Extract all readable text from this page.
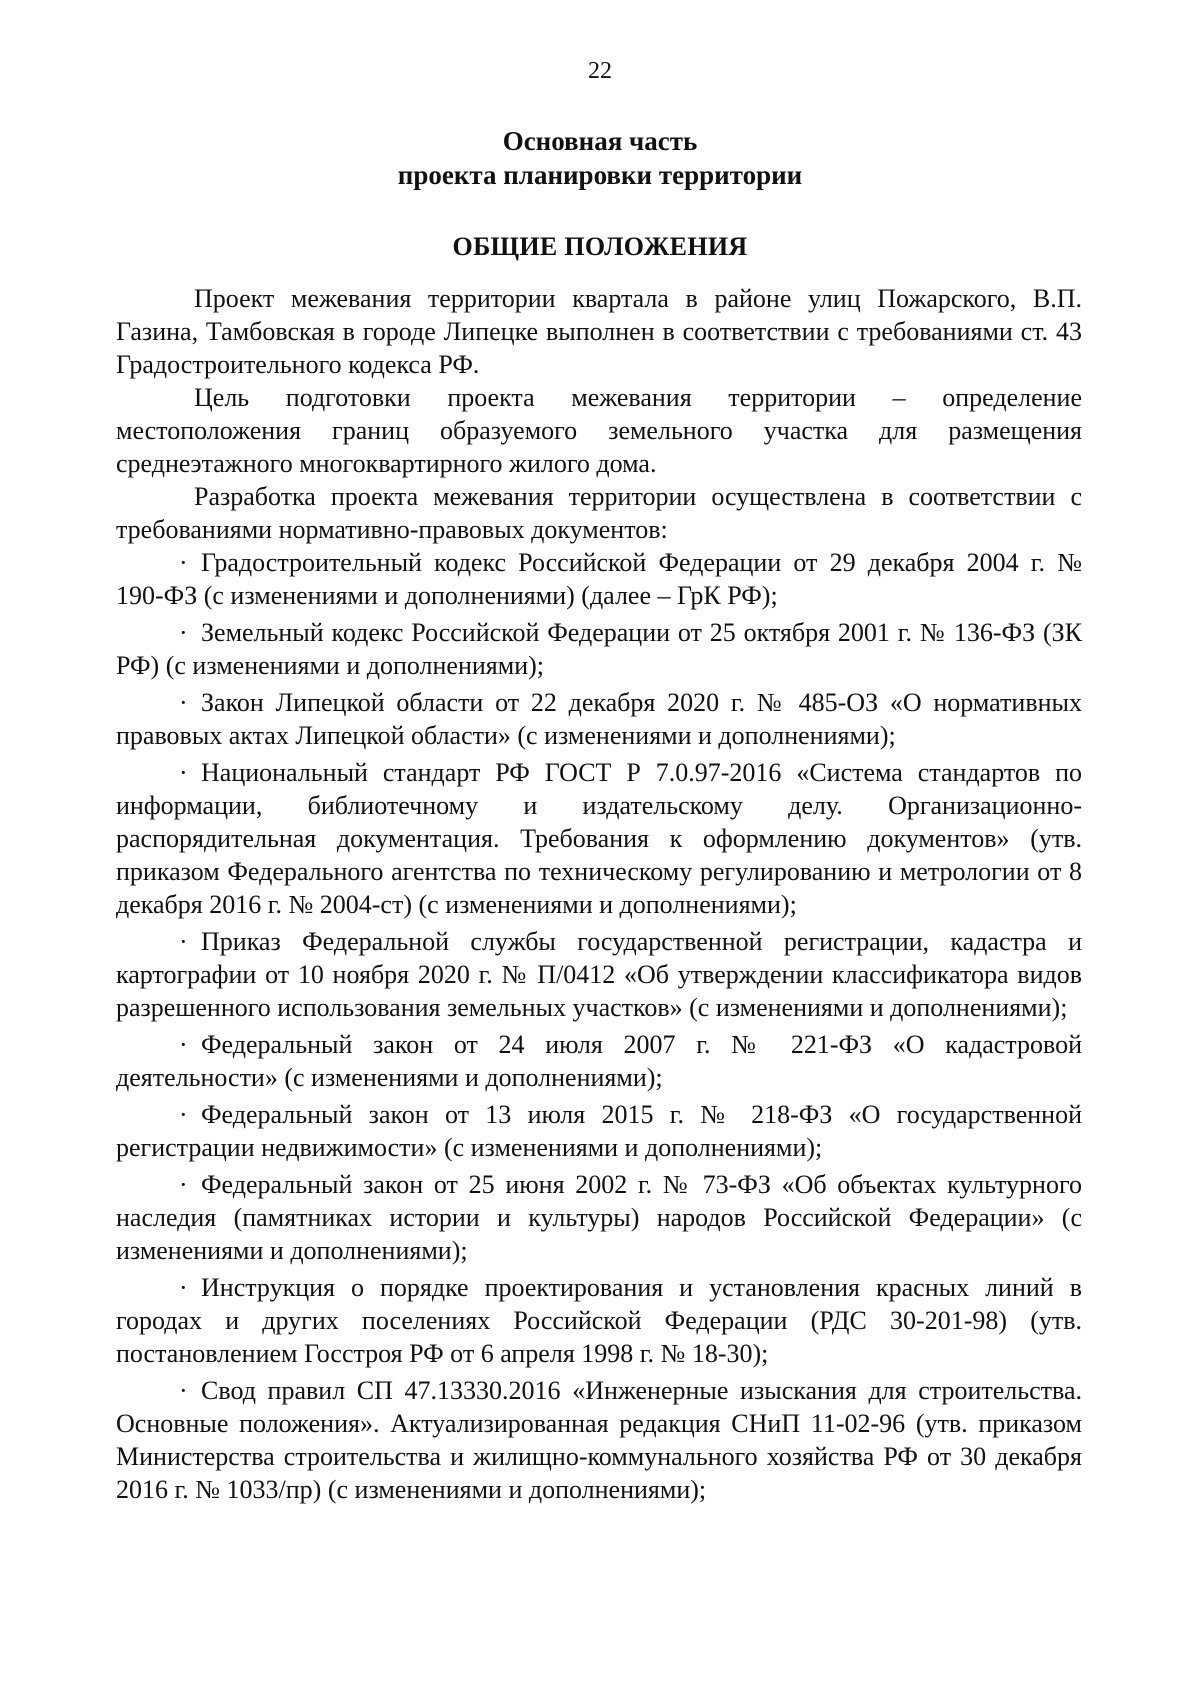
22
Основная часть
проекта планировки территории
ОБЩИЕ ПОЛОЖЕНИЯ

Проект межевания территории квартала в районе улиц Пожарского, В.П. Газина, Тамбовская в городе Липецке выполнен в соответствии с требованиями ст. 43 Градостроительного кодекса РФ.

Цель подготовки проекта межевания территории – определение местоположения границ образуемого земельного участка для размещения среднеэтажного многоквартирного жилого дома.

Разработка проекта межевания территории осуществлена в соответствии с требованиями нормативно-правовых документов:

· Градостроительный кодекс Российской Федерации от 29 декабря 2004 г. № 190-ФЗ (с изменениями и дополнениями) (далее – ГрК РФ);
· Земельный кодекс Российской Федерации от 25 октября 2001 г. № 136-ФЗ (ЗК РФ) (с изменениями и дополнениями);
· Закон Липецкой области от 22 декабря 2020 г. № 485-ОЗ «О нормативных правовых актах Липецкой области» (с изменениями и дополнениями);
· Национальный стандарт РФ ГОСТ Р 7.0.97-2016 «Система стандартов по информации, библиотечному и издательскому делу. Организационно-распорядительная документация. Требования к оформлению документов» (утв. приказом Федерального агентства по техническому регулированию и метрологии от 8 декабря 2016 г. № 2004-ст) (с изменениями и дополнениями);
· Приказ Федеральной службы государственной регистрации, кадастра и картографии от 10 ноября 2020 г. № П/0412 «Об утверждении классификатора видов разрешенного использования земельных участков» (с изменениями и дополнениями);
· Федеральный закон от 24 июля 2007 г. № 221-ФЗ «О кадастровой деятельности» (с изменениями и дополнениями);
· Федеральный закон от 13 июля 2015 г. № 218-ФЗ «О государственной регистрации недвижимости» (с изменениями и дополнениями);
· Федеральный закон от 25 июня 2002 г. № 73-ФЗ «Об объектах культурного наследия (памятниках истории и культуры) народов Российской Федерации» (с изменениями и дополнениями);
· Инструкция о порядке проектирования и установления красных линий в городах и других поселениях Российской Федерации (РДС 30-201-98) (утв. постановлением Госстроя РФ от 6 апреля 1998 г. № 18-30);
· Свод правил СП 47.13330.2016 «Инженерные изыскания для строительства. Основные положения». Актуализированная редакция СНиП 11-02-96 (утв. приказом Министерства строительства и жилищно-коммунального хозяйства РФ от 30 декабря 2016 г. № 1033/пр) (с изменениями и дополнениями);
